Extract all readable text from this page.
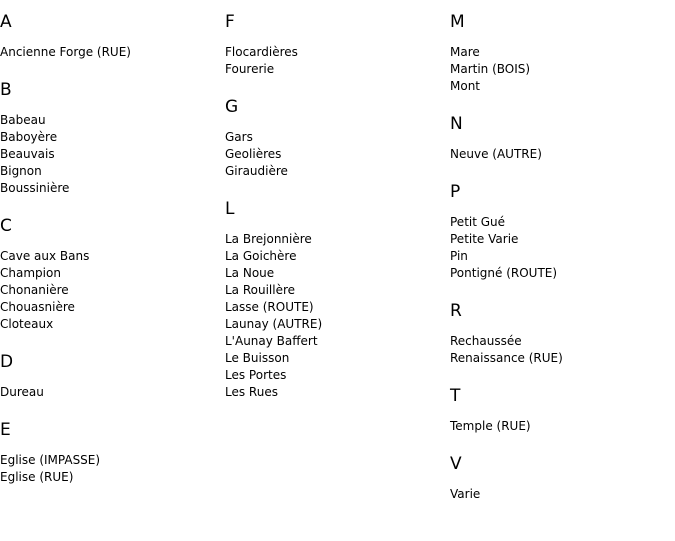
A
Ancienne Forge (RUE)
B
Babeau
Baboyère
Beauvais
Bignon
Boussinière
C
Cave aux Bans
Champion
Chonanière
Chouasnière
Cloteaux
D
Dureau
E
Eglise (IMPASSE)
Eglise (RUE)
F
Flocardières
Fourerie
G
Gars
Geolières
Giraudière
L
La Brejonnière
La Goichère
La Noue
La Rouillère
Lasse (ROUTE)
Launay (AUTRE)
L'Aunay Baffert
Le Buisson
Les Portes
Les Rues
M
Mare
Martin (BOIS)
Mont
N
Neuve (AUTRE)
P
Petit Gué
Petite Varie
Pin
Pontigné (ROUTE)
R
Rechaussée
Renaissance (RUE)
T
Temple (RUE)
V
Varie
